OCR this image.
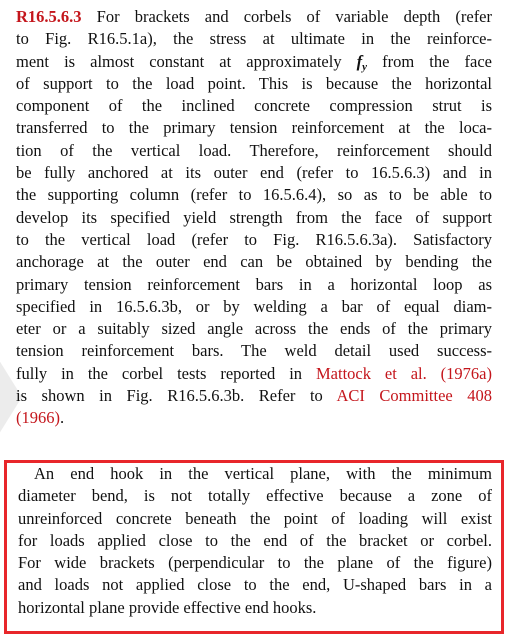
R16.5.6.3 For brackets and corbels of variable depth (refer
to Fig. R16.5.1a), the stress at ultimate in the reinforce-
ment is almost constant at approximately $f_y$ from the face
of support to the load point. This is because the horizontal
component of the inclined concrete compression strut is
transferred to the primary tension reinforcement at the loca-
tion of the vertical load. Therefore, reinforcement should
be fully anchored at its outer end (refer to 16.5.6.3) and in
the supporting column (refer to 16.5.6.4), so as to be able to
develop its specified yield strength from the face of support
to the vertical load (refer to Fig. R16.5.6.3a). Satisfactory
anchorage at the outer end can be obtained by bending the
primary tension reinforcement bars in a horizontal loop as
specified in 16.5.6.3b, or by welding a bar of equal diam-
eter or a suitably sized angle across the ends of the primary
tension reinforcement bars. The weld detail used success-
fully in the corbel tests reported in Mattock et al. (1976a)
is shown in Fig. R16.5.6.3b. Refer to ACI Committee 408
(1966).
An end hook in the vertical plane, with the minimum
diameter bend, is not totally effective because a zone of
unreinforced concrete beneath the point of loading will exist
for loads applied close to the end of the bracket or corbel.
For wide brackets (perpendicular to the plane of the figure)
and loads not applied close to the end, U-shaped bars in a
horizontal plane provide effective end hooks.
